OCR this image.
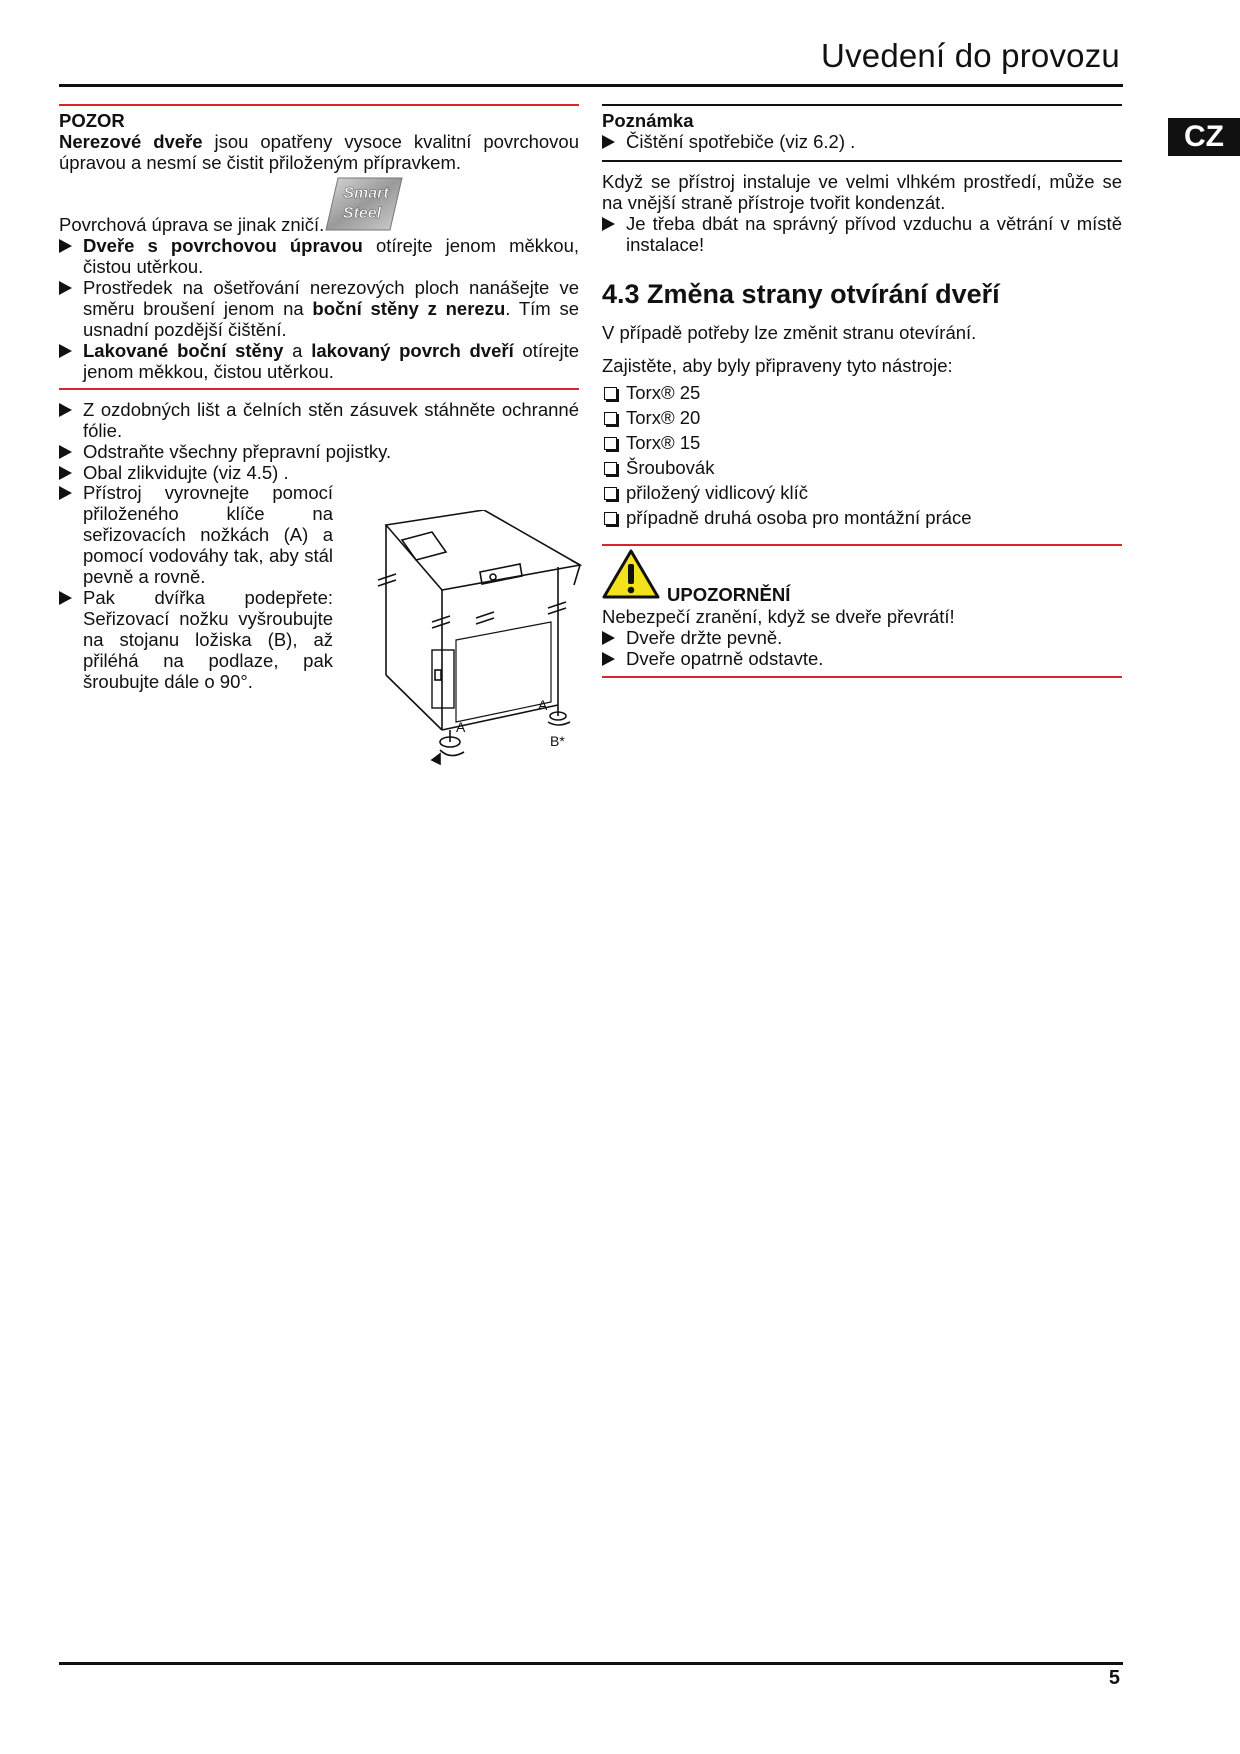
Uvedení do provozu
CZ

POZOR

Nerezové dveře jsou opatřeny vysoce kvalitní povrchovou úpravou a nesmí se čistit přiloženým přípravkem.

Smart
Steel

Povrchová úprava se jinak zničí.

Dveře s povrchovou úpravou otírejte jenom měkkou, čistou utěrkou.

Prostředek na ošetřování nerezových ploch nanášejte ve směru broušení jenom na boční stěny z nerezu. Tím se usnadní pozdější čištění.

Lakované boční stěny a lakovaný povrch dveří otírejte jenom měkkou, čistou utěrkou.

Z ozdobných lišt a čelních stěn zásuvek stáhněte ochranné fólie.

Odstraňte všechny přepravní pojistky.

Obal zlikvidujte (viz 4.5) .

Přístroj vyrovnejte pomocí přiloženého klíče na seřizovacích nožkách (A) a pomocí vodováhy tak, aby stál pevně a rovně.

Pak dvířka podepřete: Seřizovací nožku vyšroubujte na stojanu ložiska (B), až přiléhá na podlaze, pak šroubujte dále o 90°.

A
A
B*

Poznámka

Čištění spotřebiče (viz 6.2) .

Když se přístroj instaluje ve velmi vlhkém prostředí, může se na vnější straně přístroje tvořit kondenzát.

Je třeba dbát na správný přívod vzduchu a větrání v místě instalace!

4.3 Změna strany otvírání dveří

V případě potřeby lze změnit stranu otevírání.

Zajistěte, aby byly připraveny tyto nástroje:

Torx® 25

Torx® 20

Torx® 15

Šroubovák

přiložený vidlicový klíč

případně druhá osoba pro montážní práce

UPOZORNĚNÍ

Nebezpečí zranění, když se dveře převrátí!

Dveře držte pevně.

Dveře opatrně odstavte.

5
